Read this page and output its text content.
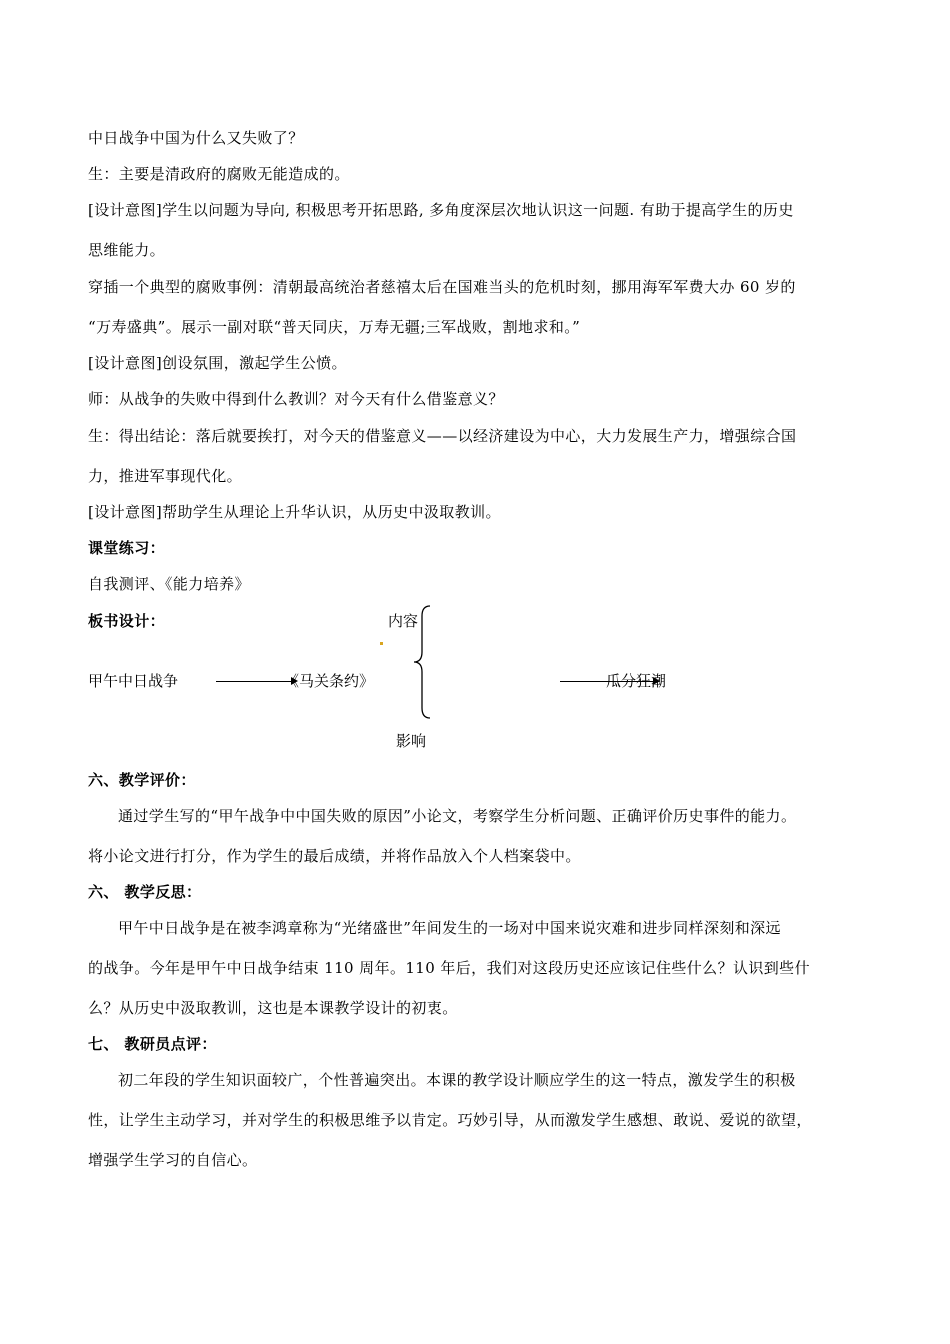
中日战争中国为什么又失败了？
生：主要是清政府的腐败无能造成的。
[设计意图]学生以问题为导向, 积极思考开拓思路, 多角度深层次地认识这一问题. 有助于提高学生的历史
思维能力。
穿插一个典型的腐败事例：清朝最高统治者慈禧太后在国难当头的危机时刻，挪用海军军费大办 60 岁的
“万寿盛典”。展示一副对联“普天同庆，万寿无疆;三军战败，割地求和。”
[设计意图]创设氛围，激起学生公愤。
师：从战争的失败中得到什么教训？对今天有什么借鉴意义？
生：得出结论：落后就要挨打，对今天的借鉴意义——以经济建设为中心，大力发展生产力，增强综合国
力，推进军事现代化。
[设计意图]帮助学生从理论上升华认识，从历史中汲取教训。
课堂练习：
自我测评、《能力培养》
板书设计：	内容
甲午中日战争	《马关条约》	瓜分狂潮
影响
六、教学评价：
通过学生写的“甲午战争中中国失败的原因”小论文，考察学生分析问题、正确评价历史事件的能力。
将小论文进行打分，作为学生的最后成绩，并将作品放入个人档案袋中。
六、 教学反思：
甲午中日战争是在被李鸿章称为“光绪盛世”年间发生的一场对中国来说灾难和进步同样深刻和深远
的战争。今年是甲午中日战争结束 110 周年。110 年后，我们对这段历史还应该记住些什么？认识到些什
么？从历史中汲取教训，这也是本课教学设计的初衷。
七、 教研员点评：
初二年段的学生知识面较广，个性普遍突出。本课的教学设计顺应学生的这一特点，激发学生的积极
性，让学生主动学习，并对学生的积极思维予以肯定。巧妙引导，从而激发学生感想、敢说、爱说的欲望，
增强学生学习的自信心。
